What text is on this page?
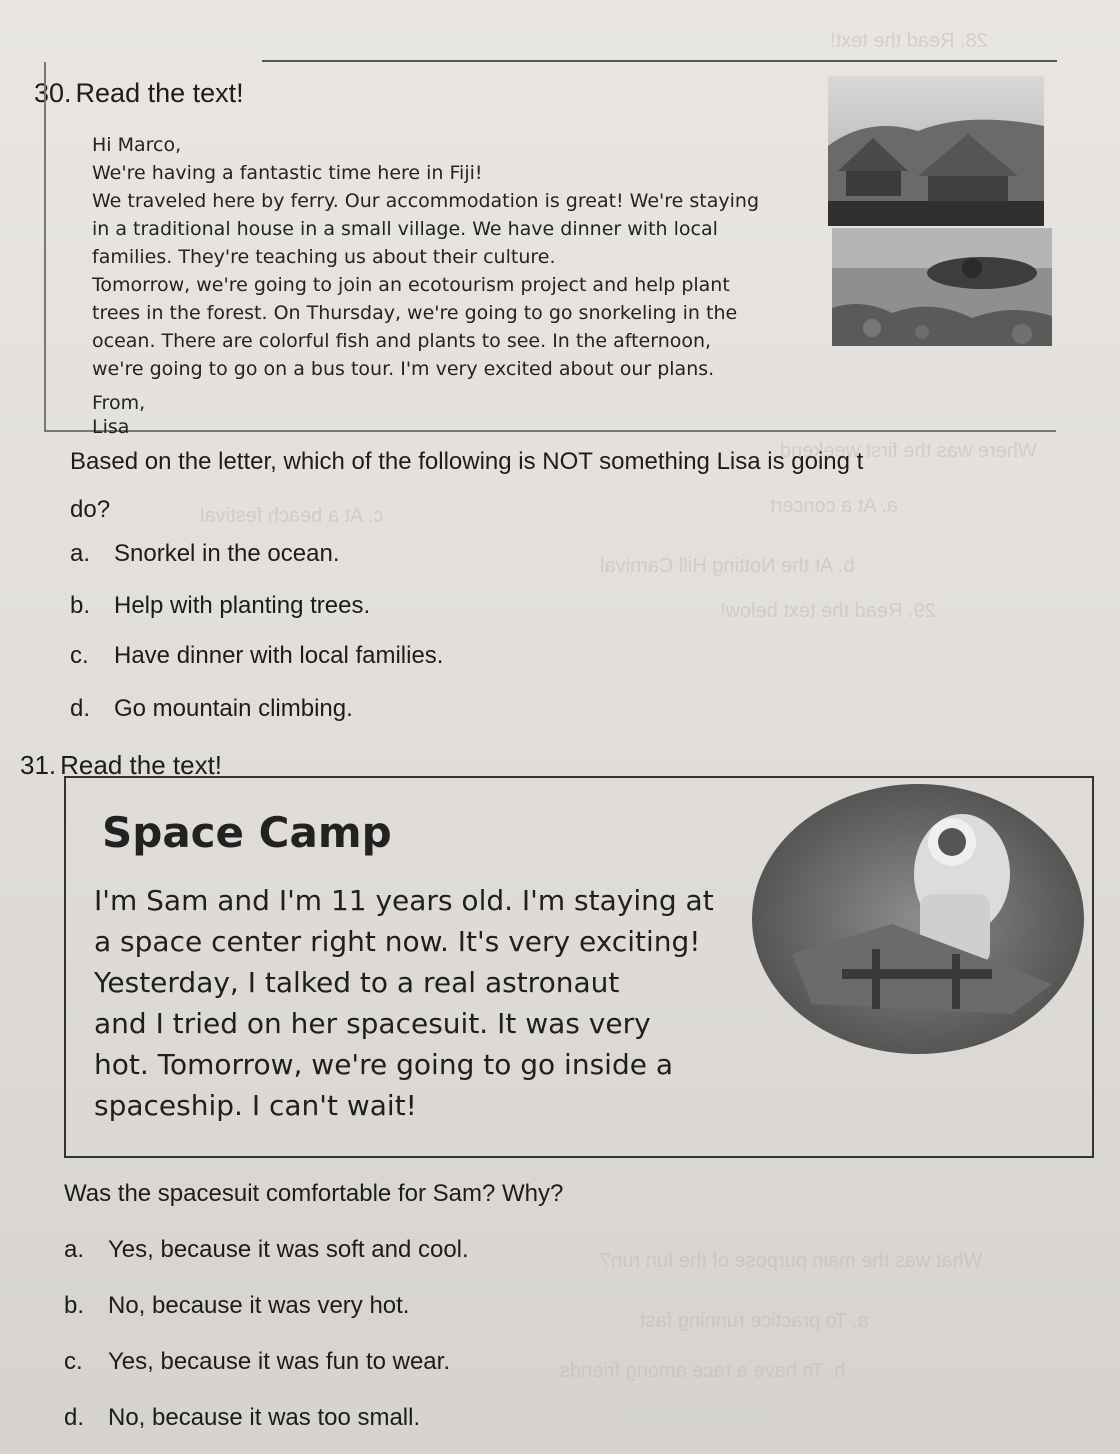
28. Read the text!
Where was the first weekend
c. At a beach festival	a. At a concert
b. At the Notting Hill Carnival
29. Read the text below!
What was the main purpose of the fun run?
a. To practice running fast
b. To have a race among friends
30. Read the text!
Hi Marco,
We're having a fantastic time here in Fiji!
We traveled here by ferry. Our accommodation is great! We're staying
in a traditional house in a small village. We have dinner with local
families. They're teaching us about their culture.
Tomorrow, we're going to join an ecotourism project and help plant
trees in the forest. On Thursday, we're going to go snorkeling in the
ocean. There are colorful fish and plants to see. In the afternoon,
we're going to go on a bus tour. I'm very excited about our plans.
From,
Lisa
Based on the letter, which of the following is NOT something Lisa is going t
do?
a. Snorkel in the ocean.
b. Help with planting trees.
c. Have dinner with local families.
d. Go mountain climbing.
31. Read the text!
Space Camp
I'm Sam and I'm 11 years old. I'm staying at
a space center right now. It's very exciting!
Yesterday, I talked to a real astronaut
and I tried on her spacesuit. It was very
hot. Tomorrow, we're going to go inside a
spaceship. I can't wait!
Was the spacesuit comfortable for Sam? Why?
a. Yes, because it was soft and cool.
b. No, because it was very hot.
c. Yes, because it was fun to wear.
d. No, because it was too small.
